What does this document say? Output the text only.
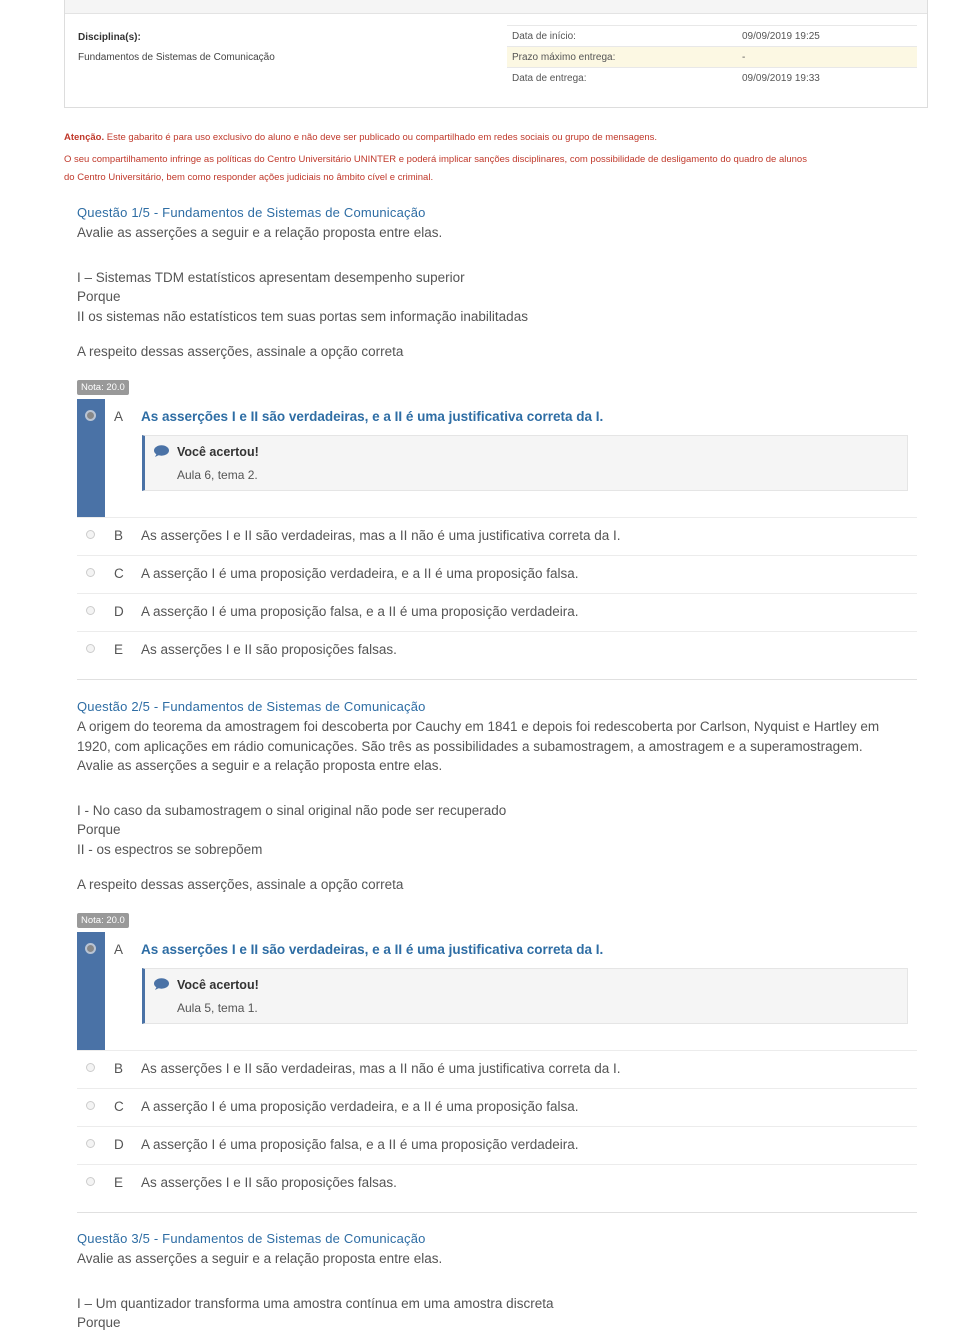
Disciplina(s):
Fundamentos de Sistemas de Comunicação
Data de início:	09/09/2019 19:25
Prazo máximo entrega:	-
Data de entrega:	09/09/2019 19:33
Atenção. Este gabarito é para uso exclusivo do aluno e não deve ser publicado ou compartilhado em redes sociais ou grupo de mensagens.
O seu compartilhamento infringe as políticas do Centro Universitário UNINTER e poderá implicar sanções disciplinares, com possibilidade de desligamento do quadro de alunos
do Centro Universitário, bem como responder ações judiciais no âmbito cível e criminal.
Questão 1/5 - Fundamentos de Sistemas de Comunicação
Avalie as asserções a seguir e a relação proposta entre elas.
I – Sistemas TDM estatísticos apresentam desempenho superior
Porque
II os sistemas não estatísticos tem suas portas sem informação inabilitadas
A respeito dessas asserções, assinale a opção correta
Nota: 20.0
A As asserções I e II são verdadeiras, e a II é uma justificativa correta da I.
Você acertou!
Aula 6, tema 2.
B As asserções I e II são verdadeiras, mas a II não é uma justificativa correta da I.
C A asserção I é uma proposição verdadeira, e a II é uma proposição falsa.
D A asserção I é uma proposição falsa, e a II é uma proposição verdadeira.
E As asserções I e II são proposições falsas.
Questão 2/5 - Fundamentos de Sistemas de Comunicação
A origem do teorema da amostragem foi descoberta por Cauchy em 1841 e depois foi redescoberta por Carlson, Nyquist e Hartley em
1920, com aplicações em rádio comunicações. São três as possibilidades a subamostragem, a amostragem e a superamostragem.
Avalie as asserções a seguir e a relação proposta entre elas.
I - No caso da subamostragem o sinal original não pode ser recuperado
Porque
II - os espectros se sobrepõem
A respeito dessas asserções, assinale a opção correta
Nota: 20.0
A As asserções I e II são verdadeiras, e a II é uma justificativa correta da I.
Você acertou!
Aula 5, tema 1.
B As asserções I e II são verdadeiras, mas a II não é uma justificativa correta da I.
C A asserção I é uma proposição verdadeira, e a II é uma proposição falsa.
D A asserção I é uma proposição falsa, e a II é uma proposição verdadeira.
E As asserções I e II são proposições falsas.
Questão 3/5 - Fundamentos de Sistemas de Comunicação
Avalie as asserções a seguir e a relação proposta entre elas.
I – Um quantizador transforma uma amostra contínua em uma amostra discreta
Porque
